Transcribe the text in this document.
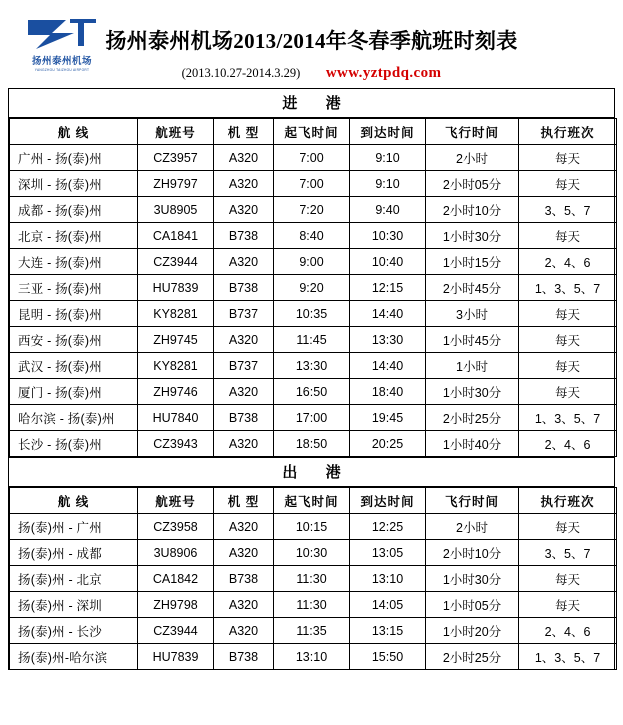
扬州泰州机场
YANGZHOU TAIZHOU AIRPORT
扬州泰州机场2013/2014年冬春季航班时刻表
(2013.10.27-2014.3.29) www.yztpdq.com
进 港
航 线	航班号	机 型	起飞时间	到达时间	飞行时间	执行班次
广州 - 扬(泰)州	CZ3957	A320	7:00	9:10	2小时	每天
深圳 - 扬(泰)州	ZH9797	A320	7:00	9:10	2小时05分	每天
成都 - 扬(泰)州	3U8905	A320	7:20	9:40	2小时10分	3、5、7
北京 - 扬(泰)州	CA1841	B738	8:40	10:30	1小时30分	每天
大连 - 扬(泰)州	CZ3944	A320	9:00	10:40	1小时15分	2、4、6
三亚 - 扬(泰)州	HU7839	B738	9:20	12:15	2小时45分	1、3、5、7
昆明 - 扬(泰)州	KY8281	B737	10:35	14:40	3小时	每天
西安 - 扬(泰)州	ZH9745	A320	11:45	13:30	1小时45分	每天
武汉 - 扬(泰)州	KY8281	B737	13:30	14:40	1小时	每天
厦门 - 扬(泰)州	ZH9746	A320	16:50	18:40	1小时30分	每天
哈尔滨 - 扬(泰)州	HU7840	B738	17:00	19:45	2小时25分	1、3、5、7
长沙 - 扬(泰)州	CZ3943	A320	18:50	20:25	1小时40分	2、4、6
出 港
航 线	航班号	机 型	起飞时间	到达时间	飞行时间	执行班次
扬(泰)州 - 广州	CZ3958	A320	10:15	12:25	2小时	每天
扬(泰)州 - 成都	3U8906	A320	10:30	13:05	2小时10分	3、5、7
扬(泰)州 - 北京	CA1842	B738	11:30	13:10	1小时30分	每天
扬(泰)州 - 深圳	ZH9798	A320	11:30	14:05	1小时05分	每天
扬(泰)州 - 长沙	CZ3944	A320	11:35	13:15	1小时20分	2、4、6
扬(泰)州-哈尔滨	HU7839	B738	13:10	15:50	2小时25分	1、3、5、7
